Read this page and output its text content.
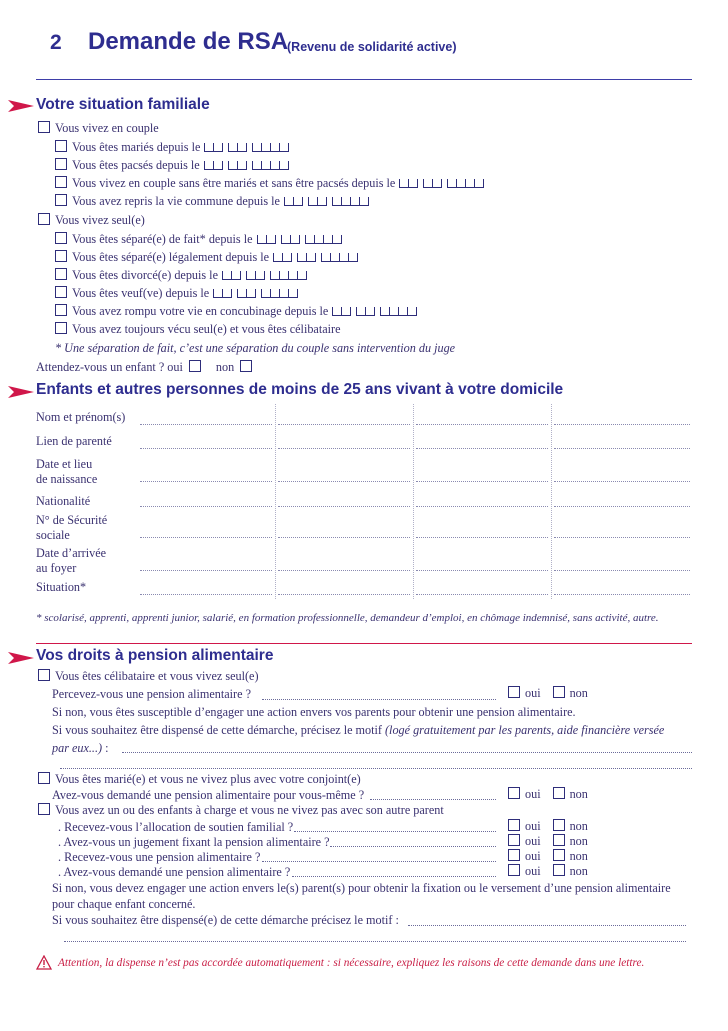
2 Demande de RSA
(Revenu de solidarité active)
Votre situation familiale
Vous vivez en couple
Vous êtes mariés depuis le
Vous êtes pacsés depuis le
Vous vivez en couple sans être mariés et sans être pacsés depuis le
Vous avez repris la vie commune depuis le
Vous vivez seul(e)
Vous êtes séparé(e) de fait* depuis le
Vous êtes séparé(e) légalement depuis le
Vous êtes divorcé(e) depuis le
Vous êtes veuf(ve) depuis le
Vous avez rompu votre vie en concubinage depuis le
Vous avez toujours vécu seul(e) et vous êtes célibataire
* Une séparation de fait, c’est une séparation du couple sans intervention du juge
Attendez-vous un enfant ? oui	non
Enfants et autres personnes de moins de 25 ans vivant à votre domicile
Nom et prénom(s)
Lien de parenté
Date et lieu
de naissance
Nationalité
N° de Sécurité
sociale
Date d’arrivée
au foyer
Situation*
* scolarisé, apprenti, apprenti junior, salarié, en formation professionnelle, demandeur d’emploi, en chômage indemnisé, sans activité, autre.
Vos droits à pension alimentaire
Vous êtes célibataire et vous vivez seul(e)
Percevez-vous une pension alimentaire ?	oui non
Si non, vous êtes susceptible d’engager une action envers vos parents pour obtenir une pension alimentaire.
Si vous souhaitez être dispensé de cette démarche, précisez le motif (logé gratuitement par les parents, aide financière versée
par eux...) :
Vous êtes marié(e) et vous ne vivez plus avec votre conjoint(e)
Avez-vous demandé une pension alimentaire pour vous-même ?	oui non
Vous avez un ou des enfants à charge et vous ne vivez pas avec son autre parent
. Recevez-vous l’allocation de soutien familial ?	oui non
. Avez-vous un jugement fixant la pension alimentaire ?	oui non
. Recevez-vous une pension alimentaire ?	oui non
. Avez-vous demandé une pension alimentaire ?	oui non
Si non, vous devez engager une action envers le(s) parent(s) pour obtenir la fixation ou le versement d’une pension alimentaire
pour chaque enfant concerné.
Si vous souhaitez être dispensé(e) de cette démarche précisez le motif :
Attention, la dispense n’est pas accordée automatiquement : si nécessaire, expliquez les raisons de cette demande dans une lettre.
